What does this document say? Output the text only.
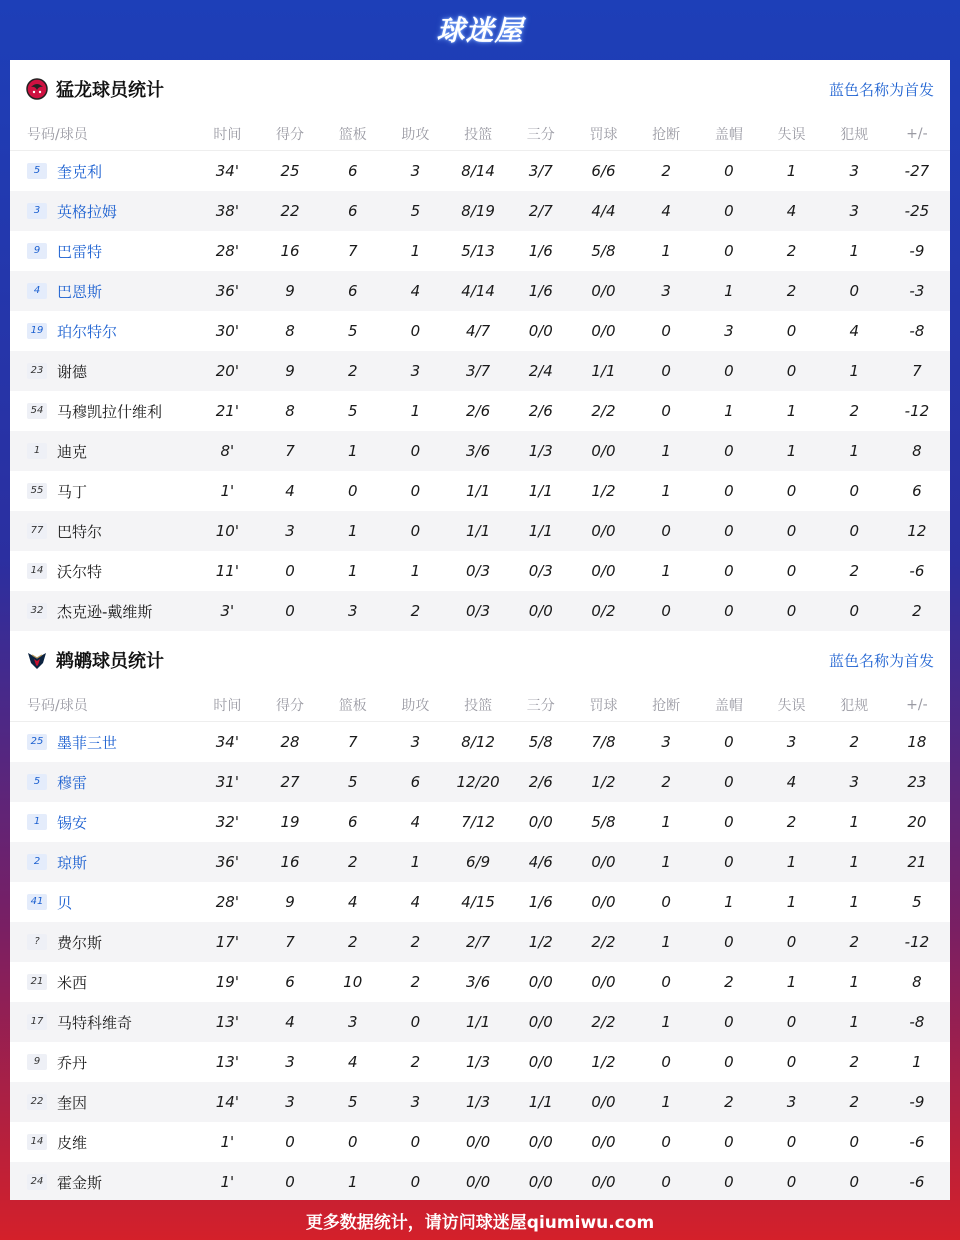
球迷屋
猛龙球员统计	蓝色名称为首发
号码/球员	时间	得分	篮板	助攻	投篮	三分	罚球	抢断	盖帽	失误	犯规	+/-
5	奎克利	34'	25	6	3	8/14	3/7	6/6	2	0	1	3	-27
3	英格拉姆	38'	22	6	5	8/19	2/7	4/4	4	0	4	3	-25
9	巴雷特	28'	16	7	1	5/13	1/6	5/8	1	0	2	1	-9
4	巴恩斯	36'	9	6	4	4/14	1/6	0/0	3	1	2	0	-3
19 珀尔特尔	30'	8	5	0	4/7	0/0	0/0	0	3	0	4	-8
23 谢德	20'	9	2	3	3/7	2/4	1/1	0	0	0	1	7
54 马穆凯拉什维利	21'	8	5	1	2/6	2/6	2/2	0	1	1	2	-12
1	迪克	8'	7	1	0	3/6	1/3	0/0	1	0	1	1	8
55 马丁	1'	4	0	0	1/1	1/1	1/2	1	0	0	0	6
77 巴特尔	10'	3	1	0	1/1	1/1	0/0	0	0	0	0	12
14 沃尔特	11'	0	1	1	0/3	0/3	0/0	1	0	0	2	-6
32 杰克逊-戴维斯	3'	0	3	2	0/3	0/0	0/2	0	0	0	0	2
鹈鹕球员统计	蓝色名称为首发
号码/球员	时间	得分	篮板	助攻	投篮	三分	罚球	抢断	盖帽	失误	犯规	+/-
25 墨菲三世	34'	28	7	3	8/12	5/8	7/8	3	0	3	2	18
5	穆雷	31'	27	5	6	12/20	2/6	1/2	2	0	4	3	23
1	锡安	32'	19	6	4	7/12	0/0	5/8	1	0	2	1	20
2	琼斯	36'	16	2	1	6/9	4/6	0/0	1	0	1	1	21
41 贝	28'	9	4	4	4/15	1/6	0/0	0	1	1	1	5
?	费尔斯	17'	7	2	2	2/7	1/2	2/2	1	0	0	2	-12
21 米西	19'	6	10	2	3/6	0/0	0/0	0	2	1	1	8
17 马特科维奇	13'	4	3	0	1/1	0/0	2/2	1	0	0	1	-8
9	乔丹	13'	3	4	2	1/3	0/0	1/2	0	0	0	2	1
22 奎因	14'	3	5	3	1/3	1/1	0/0	1	2	3	2	-9
14 皮维	1'	0	0	0	0/0	0/0	0/0	0	0	0	0	-6
24 霍金斯	1'	0	1	0	0/0	0/0	0/0	0	0	0	0	-6
更多数据统计，请访问球迷屋qiumiwu.com
